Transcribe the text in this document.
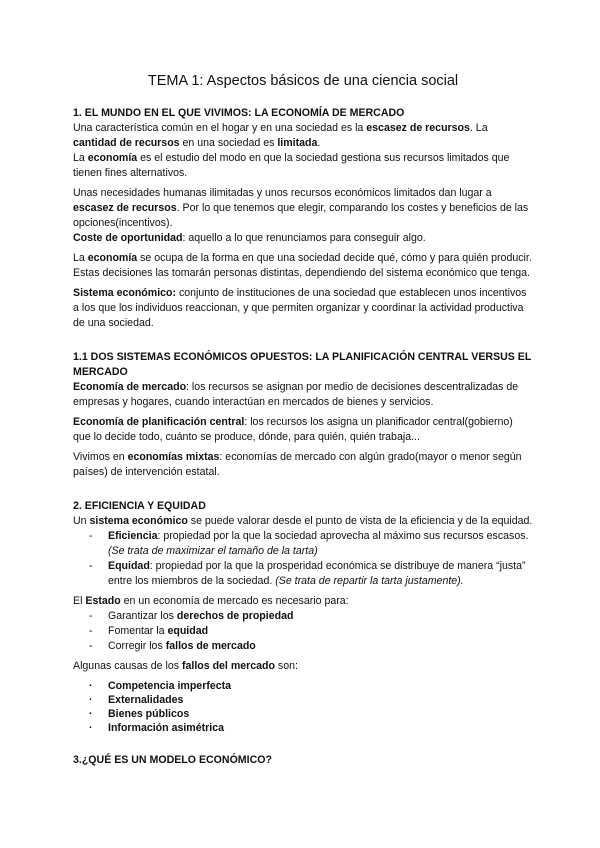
TEMA 1: Aspectos básicos de una ciencia social
1. EL MUNDO EN EL QUE VIVIMOS: LA ECONOMÍA DE MERCADO
Una característica común en el hogar y en una sociedad es la escasez de recursos. La cantidad de recursos en una sociedad es limitada.
La economía es el estudio del modo en que la sociedad gestiona sus recursos limitados que tienen fines alternativos.
Unas necesidades humanas ilimitadas y unos recursos económicos limitados dan lugar a escasez de recursos. Por lo que tenemos que elegir, comparando los costes y beneficios de las opciones(incentivos).
Coste de oportunidad: aquello a lo que renunciamos para conseguir algo.
La economía se ocupa de la forma en que una sociedad decide qué, cómo y para quién producir. Estas decisiones las tomarán personas distintas, dependiendo del sistema económico que tenga.
Sistema económico: conjunto de instituciones de una sociedad que establecen unos incentivos a los que los individuos reaccionan, y que permiten organizar y coordinar la actividad productiva de una sociedad.
1.1 DOS SISTEMAS ECONÓMICOS OPUESTOS: LA PLANIFICACIÓN CENTRAL VERSUS EL MERCADO
Economía de mercado: los recursos se asignan por medio de decisiones descentralizadas de empresas y hogares, cuando interactúan en mercados de bienes y servicios.
Economía de planificación central: los recursos los asigna un planificador central(gobierno) que lo decide todo, cuánto se produce, dónde, para quién, quién trabaja...
Vivimos en economías mixtas: economías de mercado con algún grado(mayor o menor según países) de intervención estatal.
2. EFICIENCIA Y EQUIDAD
Un sistema económico se puede valorar desde el punto de vista de la eficiencia y de la equidad.
- Eficiencia: propiedad por la que la sociedad aprovecha al máximo sus recursos escasos. (Se trata de maximizar el tamaño de la tarta)
- Equidad: propiedad por la que la prosperidad económica se distribuye de manera “justa” entre los miembros de la sociedad. (Se trata de repartir la tarta justamente).
El Estado en un economía de mercado es necesario para:
- Garantizar los derechos de propiedad
- Fomentar la equidad
- Corregir los fallos de mercado
Algunas causas de los fallos del mercado son:
· Competencia imperfecta
· Externalidades
· Bienes públicos
· Información asimétrica
3.¿QUÉ ES UN MODELO ECONÓMICO?
